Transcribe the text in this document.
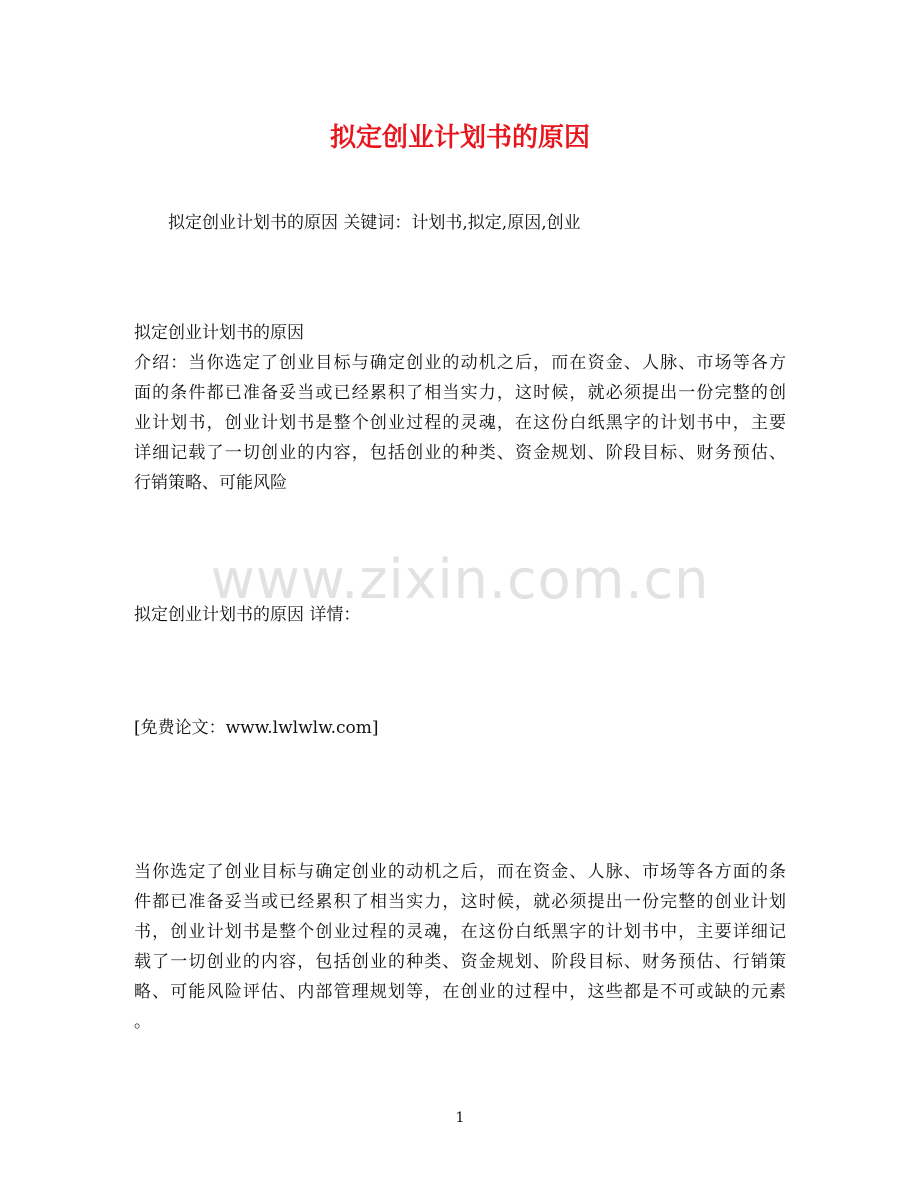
拟定创业计划书的原因
拟定创业计划书的原因 关键词：计划书,拟定,原因,创业

拟定创业计划书的原因

介绍：当你选定了创业目标与确定创业的动机之后，而在资金、人脉、市场等各方

面的条件都已准备妥当或已经累积了相当实力，这时候，就必须提出一份完整的创

业计划书，创业计划书是整个创业过程的灵魂，在这份白纸黑字的计划书中，主要

详细记载了一切创业的内容，包括创业的种类、资金规划、阶段目标、财务预估、

行销策略、可能风险

www.zixin.com.cn
拟定创业计划书的原因 详情：
[免费论文：www.lwlwlw.com]

当你选定了创业目标与确定创业的动机之后，而在资金、人脉、市场等各方面的条

件都已准备妥当或已经累积了相当实力，这时候，就必须提出一份完整的创业计划

书，创业计划书是整个创业过程的灵魂，在这份白纸黑字的计划书中，主要详细记

载了一切创业的内容，包括创业的种类、资金规划、阶段目标、财务预估、行销策

略、可能风险评估、内部管理规划等，在创业的过程中，这些都是不可或缺的元素

。

1
